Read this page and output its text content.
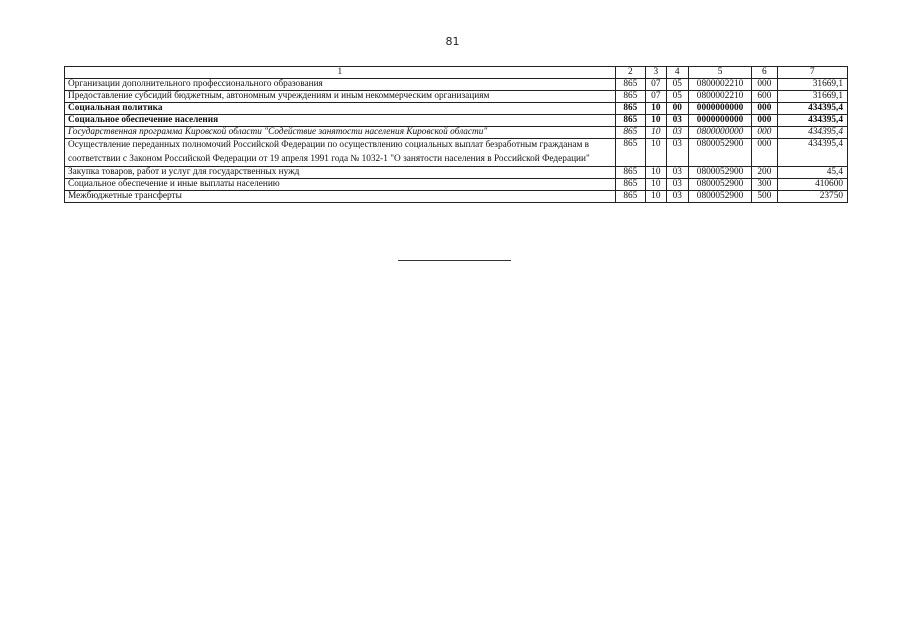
81
1	2	3	4	5	6	7
Организации дополнительного профессионального образования	865	07	05	0800002210	000	31669,1
Предоставление субсидий бюджетным, автономным учреждениям и иным некоммерческим организациям	865	07	05	0800002210	600	31669,1
Социальная политика	865	10	00	0000000000	000	434395,4
Социальное обеспечение населения	865	10	03	0000000000	000	434395,4
Государственная программа Кировской области "Содействие занятости населения Кировской области"	865	10	03	0800000000	000	434395,4
Осуществление переданных полномочий Российской Федерации по осуществлению социальных выплат безработным гражданам в соответствии с Законом Российской Федерации от 19 апреля 1991 года № 1032-1 "О занятости населения в Российской Федерации"	865	10	03	0800052900	000	434395,4
Закупка товаров, работ и услуг для государственных нужд	865	10	03	0800052900	200	45,4
Социальное обеспечение и иные выплаты населению	865	10	03	0800052900	300	410600
Межбюджетные трансферты	865	10	03	0800052900	500	23750
